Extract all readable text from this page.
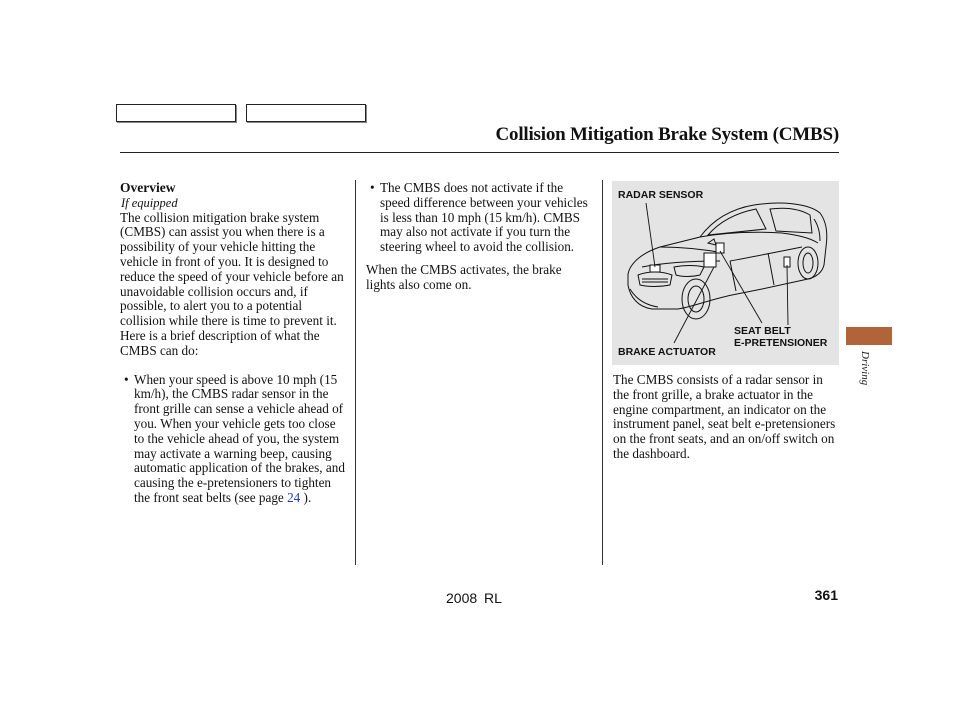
Collision Mitigation Brake System (CMBS)
Overview
If equipped

The collision mitigation brake system (CMBS) can assist you when there is a possibility of your vehicle hitting the vehicle in front of you. It is designed to reduce the speed of your vehicle before an unavoidable collision occurs and, if possible, to alert you to a potential collision while there is time to prevent it. Here is a brief description of what the CMBS can do:

• When your speed is above 10 mph (15 km/h), the CMBS radar sensor in the front grille can sense a vehicle ahead of you. When your vehicle gets too close to the vehicle ahead of you, the system may activate a warning beep, causing automatic application of the brakes, and causing the e-pretensioners to tighten the front seat belts (see page 24 ).
• The CMBS does not activate if the speed difference between your vehicles is less than 10 mph (15 km/h). CMBS may also not activate if you turn the steering wheel to avoid the collision.

When the CMBS activates, the brake lights also come on.

RADAR SENSOR
SEAT BELT
E-PRETENSIONER
BRAKE ACTUATOR

The CMBS consists of a radar sensor in the front grille, a brake actuator in the engine compartment, an indicator on the instrument panel, seat belt e-pretensioners on the front seats, and an on/off switch on the dashboard.

Driving
2008 RL	361
